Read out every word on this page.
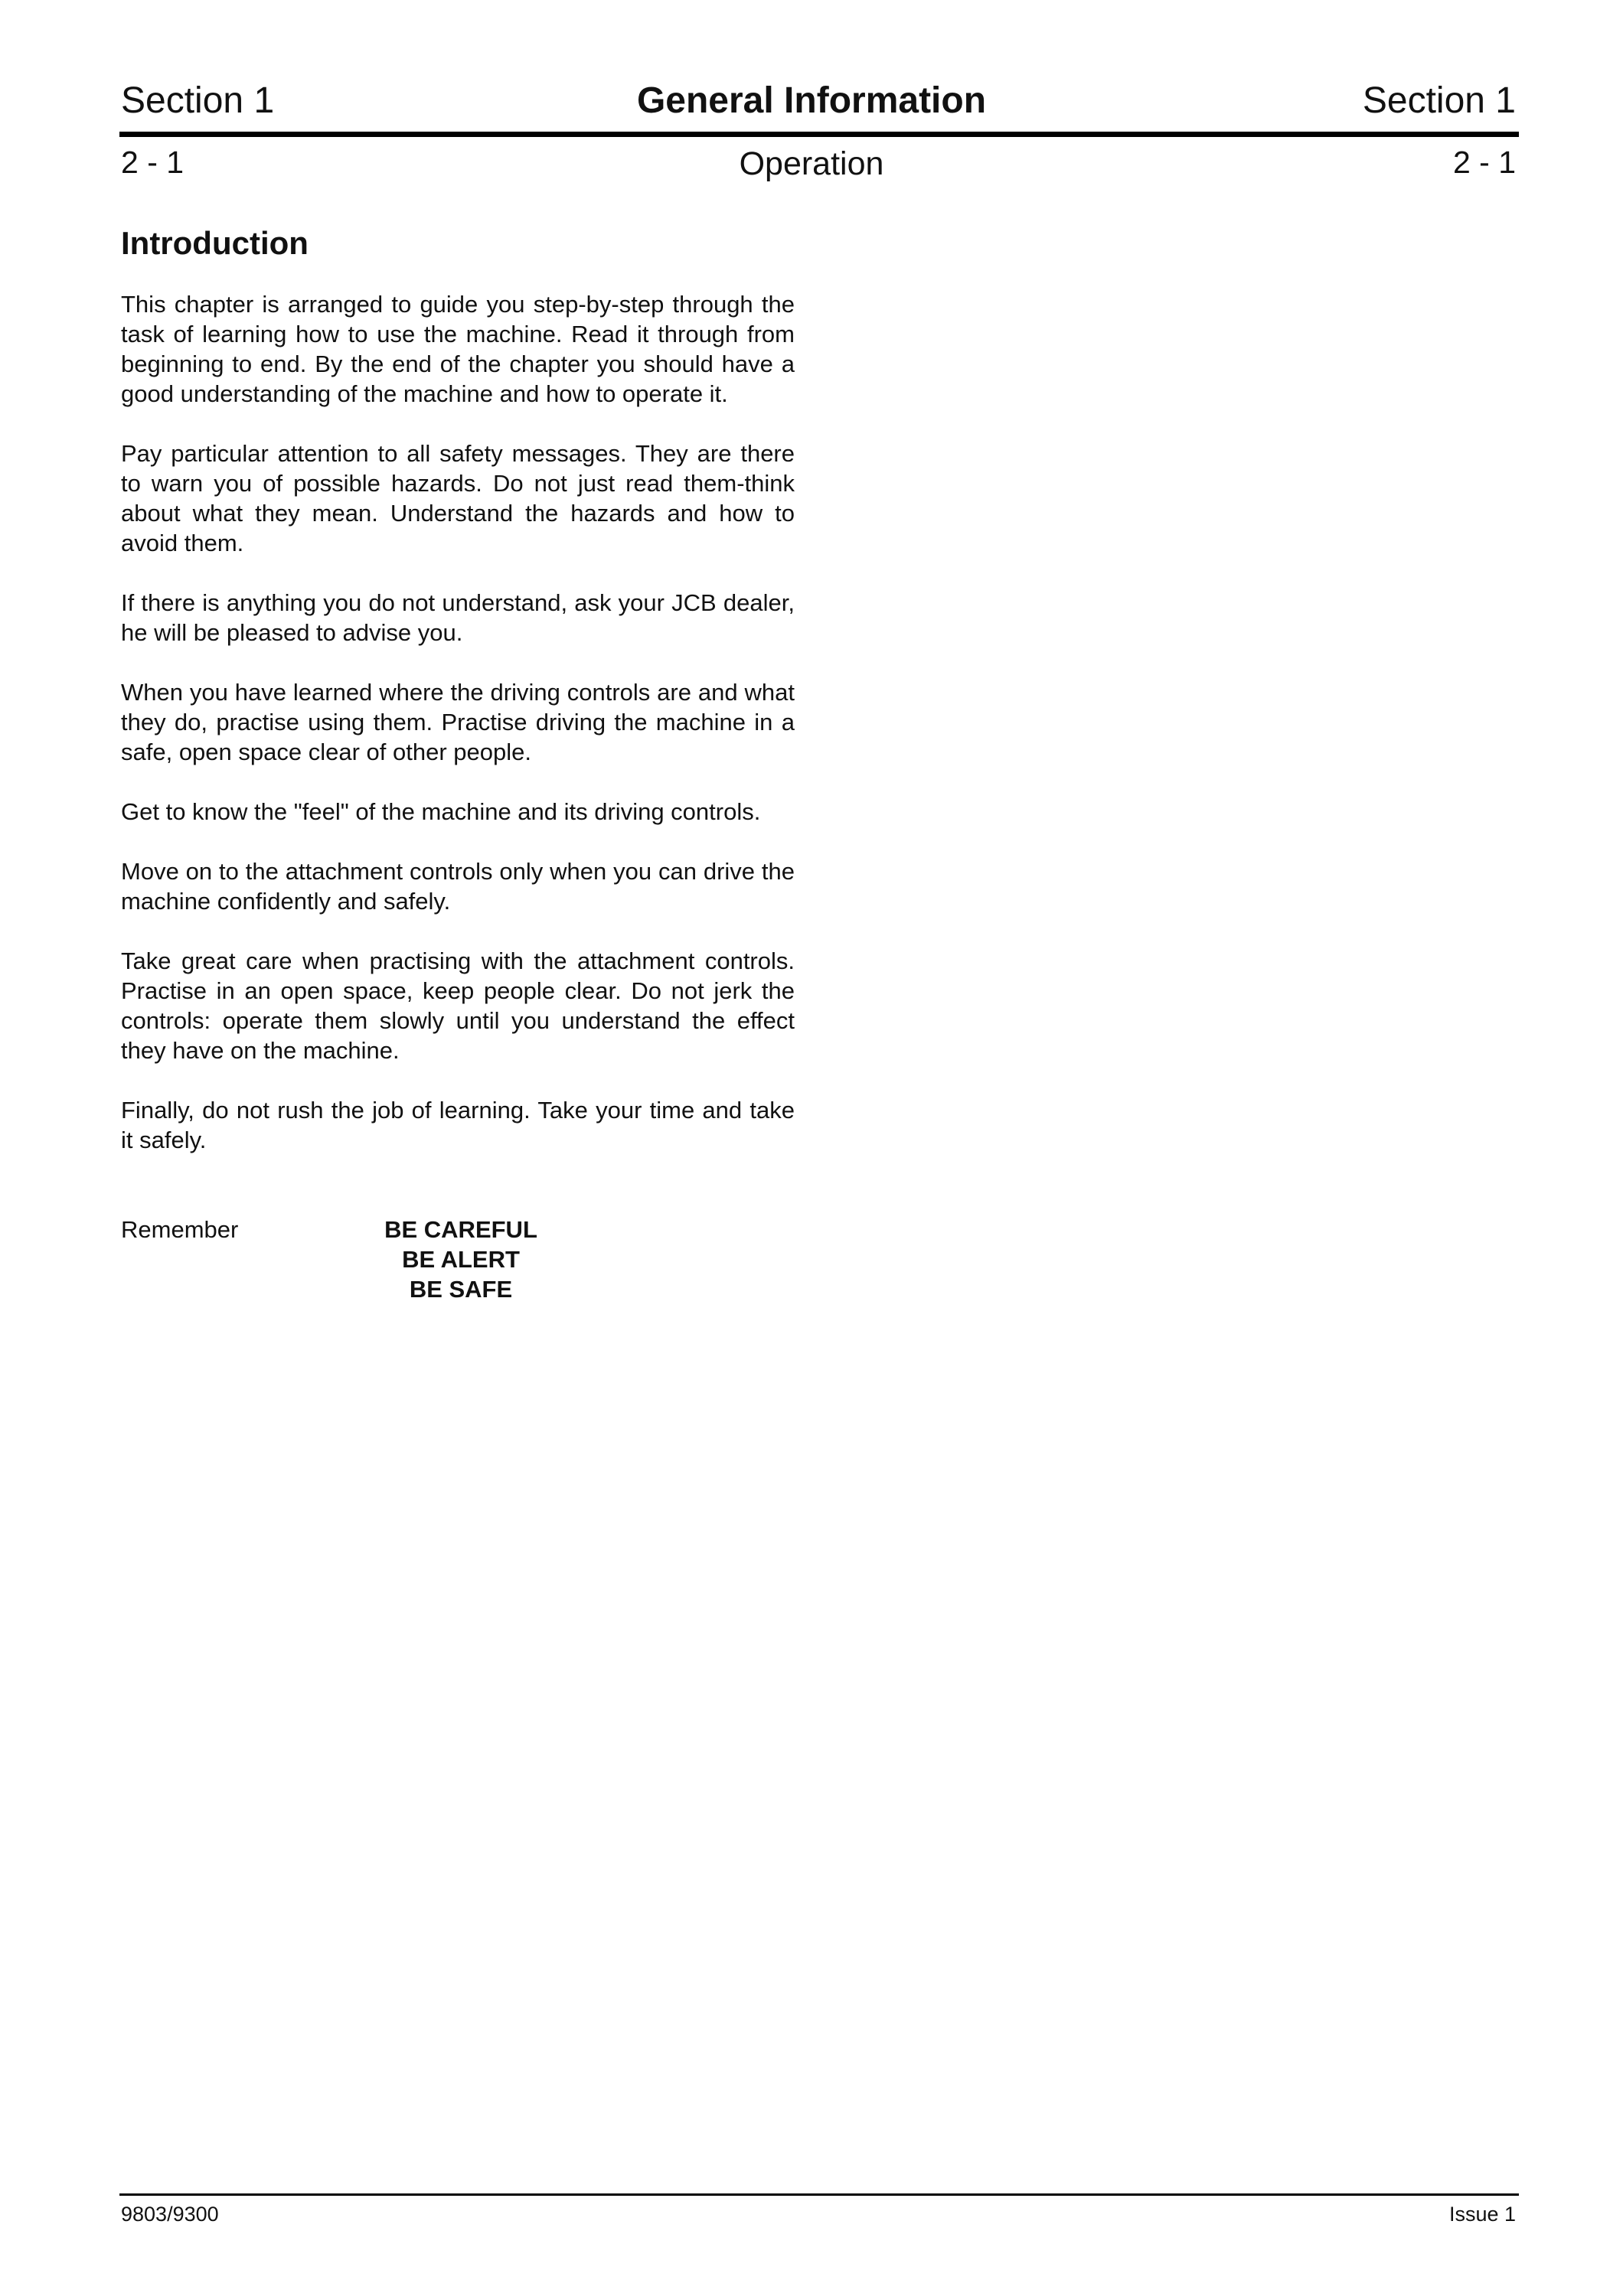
Section 1	General Information	Section 1
2 - 1	Operation	2 - 1
Introduction

This chapter is arranged to guide you step-by-step through the task of learning how to use the machine. Read it through from beginning to end. By the end of the chapter you should have a good understanding of the machine and how to operate it.

Pay particular attention to all safety messages. They are there to warn you of possible hazards. Do not just read them-think about what they mean. Understand the hazards and how to avoid them.

If there is anything you do not understand, ask your JCB dealer, he will be pleased to advise you.

When you have learned where the driving controls are and what they do, practise using them. Practise driving the machine in a safe, open space clear of other people.

Get to know the "feel" of the machine and its driving controls.

Move on to the attachment controls only when you can drive the machine confidently and safely.

Take great care when practising with the attachment controls. Practise in an open space, keep people clear. Do not jerk the controls: operate them slowly until you understand the effect they have on the machine.

Finally, do not rush the job of learning. Take your time and take it safely.

Remember	BE CAREFUL
BE ALERT
BE SAFE
9803/9300	Issue 1
